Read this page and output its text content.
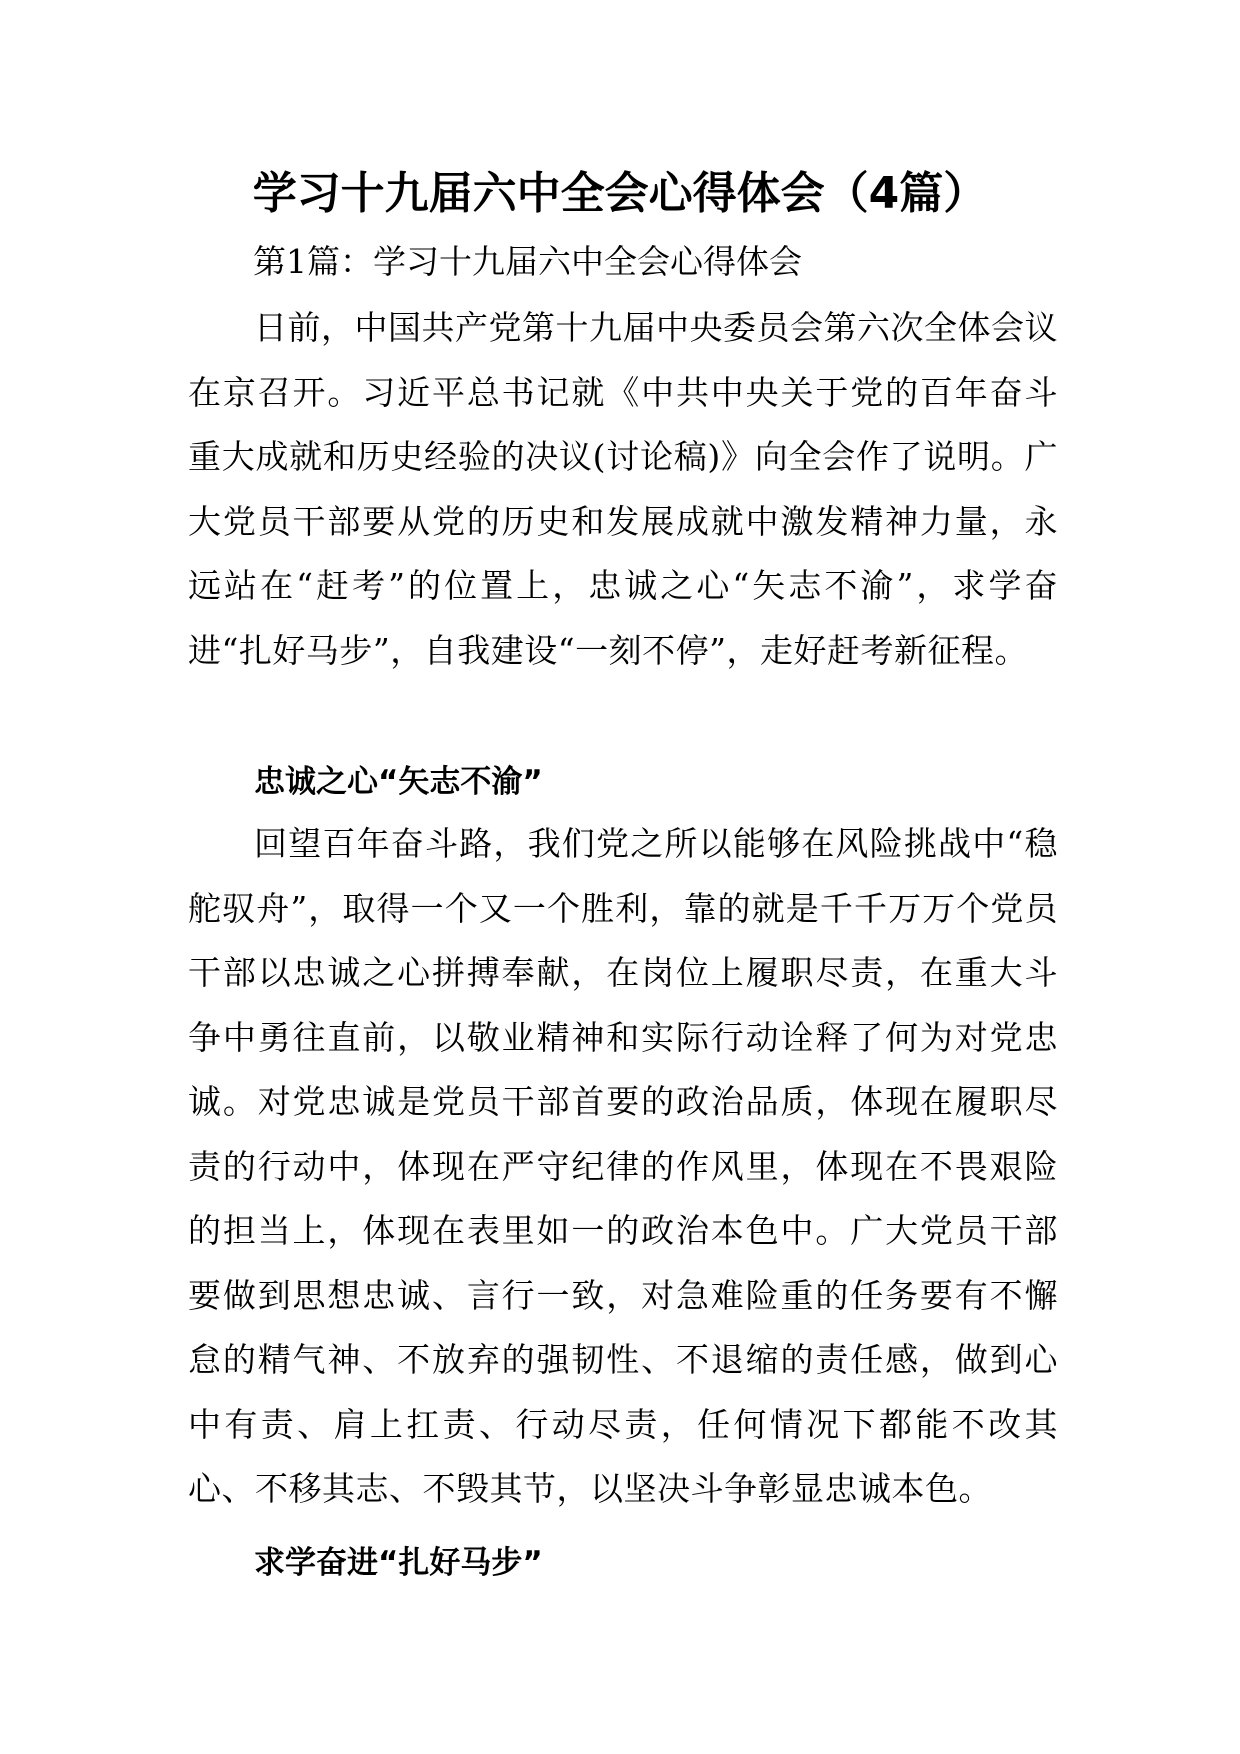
学习十九届六中全会心得体会（4篇）
第1篇：学习十九届六中全会心得体会

日前，中国共产党第十九届中央委员会第六次全体会议在京召开。习近平总书记就《中共中央关于党的百年奋斗重大成就和历史经验的决议(讨论稿)》向全会作了说明。广大党员干部要从党的历史和发展成就中激发精神力量，永远站在“赶考”的位置上，忠诚之心“矢志不渝”，求学奋进“扎好马步”，自我建设“一刻不停”，走好赶考新征程。

忠诚之心“矢志不渝”

回望百年奋斗路，我们党之所以能够在风险挑战中“稳舵驭舟”，取得一个又一个胜利，靠的就是千千万万个党员干部以忠诚之心拼搏奉献，在岗位上履职尽责，在重大斗争中勇往直前，以敬业精神和实际行动诠释了何为对党忠诚。对党忠诚是党员干部首要的政治品质，体现在履职尽责的行动中，体现在严守纪律的作风里，体现在不畏艰险的担当上，体现在表里如一的政治本色中。广大党员干部要做到思想忠诚、言行一致，对急难险重的任务要有不懈怠的精气神、不放弃的强韧性、不退缩的责任感，做到心中有责、肩上扛责、行动尽责，任何情况下都能不改其心、不移其志、不毁其节，以坚决斗争彰显忠诚本色。

求学奋进“扎好马步”
